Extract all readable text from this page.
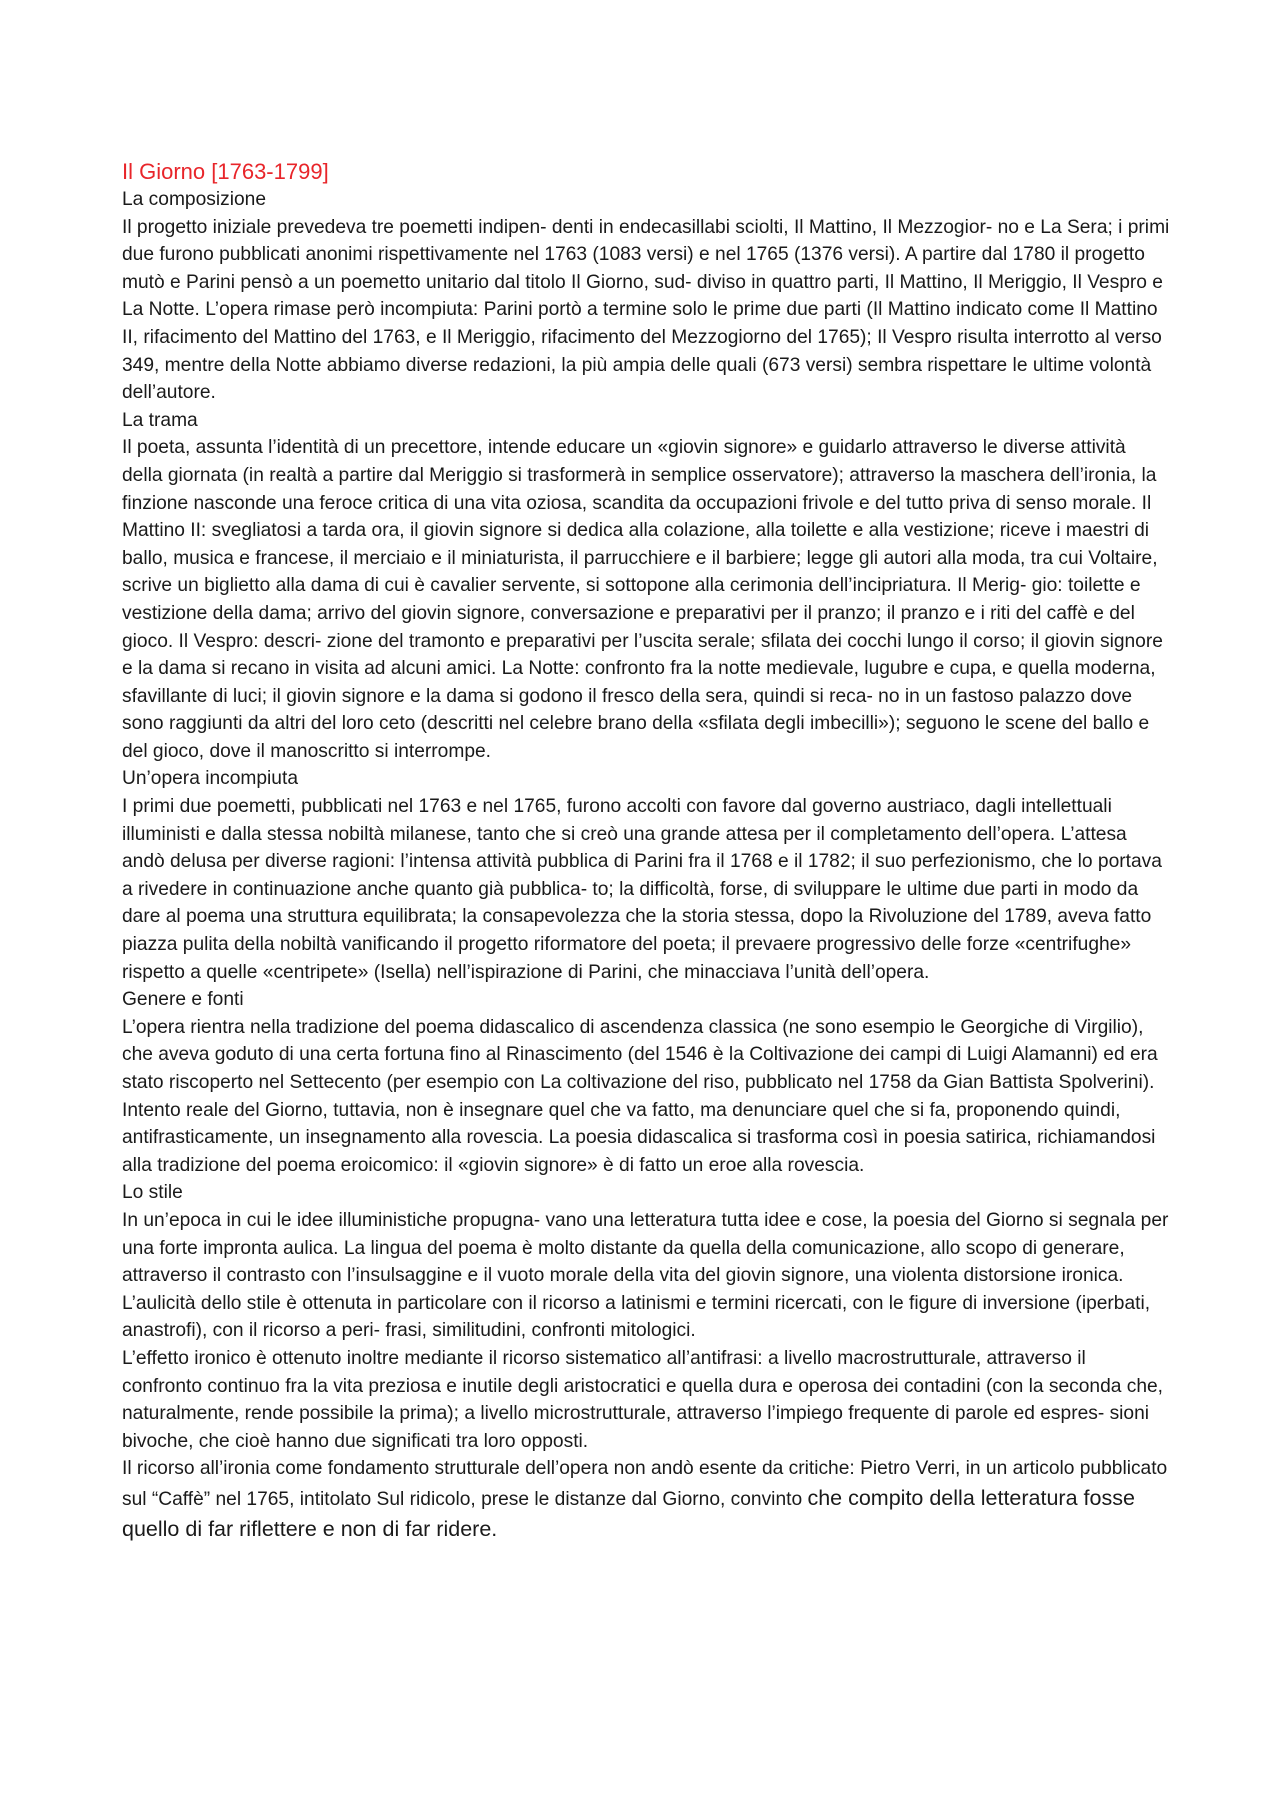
Il Giorno [1763-1799]
La composizione

Il progetto iniziale prevedeva tre poemetti indipen- denti in endecasillabi sciolti, Il Mattino, Il Mezzogior- no e La Sera; i primi due furono pubblicati anonimi rispettivamente nel 1763 (1083 versi) e nel 1765 (1376 versi). A partire dal 1780 il progetto mutò e Parini pensò a un poemetto unitario dal titolo Il Giorno, sud- diviso in quattro parti, Il Mattino, Il Meriggio, Il Vespro e La Notte. L’opera rimase però incompiuta: Parini portò a termine solo le prime due parti (Il Mattino indicato come Il Mattino II, rifacimento del Mattino del 1763, e Il Meriggio, rifacimento del Mezzogiorno del 1765); Il Vespro risulta interrotto al verso 349, mentre della Notte abbiamo diverse redazioni, la più ampia delle quali (673 versi) sembra rispettare le ultime volontà dell’autore.

La trama

Il poeta, assunta l’identità di un precettore, intende educare un «giovin signore» e guidarlo attraverso le diverse attività della giornata (in realtà a partire dal Meriggio si trasformerà in semplice osservatore); attraverso la maschera dell’ironia, la finzione nasconde una feroce critica di una vita oziosa, scandita da occupazioni frivole e del tutto priva di senso morale. Il Mattino II: svegliatosi a tarda ora, il giovin signore si dedica alla colazione, alla toilette e alla vestizione; riceve i maestri di ballo, musica e francese, il merciaio e il miniaturista, il parrucchiere e il barbiere; legge gli autori alla moda, tra cui Voltaire, scrive un biglietto alla dama di cui è cavalier servente, si sottopone alla cerimonia dell’incipriatura. Il Merig- gio: toilette e vestizione della dama; arrivo del giovin signore, conversazione e preparativi per il pranzo; il pranzo e i riti del caffè e del gioco. Il Vespro: descri- zione del tramonto e preparativi per l’uscita serale; sfilata dei cocchi lungo il corso; il giovin signore e la dama si recano in visita ad alcuni amici. La Notte: confronto fra la notte medievale, lugubre e cupa, e quella moderna, sfavillante di luci; il giovin signore e la dama si godono il fresco della sera, quindi si reca- no in un fastoso palazzo dove sono raggiunti da altri del loro ceto (descritti nel celebre brano della «sfilata degli imbecilli»); seguono le scene del ballo e del gioco, dove il manoscritto si interrompe.

Un’opera incompiuta

I primi due poemetti, pubblicati nel 1763 e nel 1765, furono accolti con favore dal governo austriaco, dagli intellettuali illuministi e dalla stessa nobiltà milanese, tanto che si creò una grande attesa per il completamento dell’opera. L’attesa andò delusa per diverse ragioni: l’intensa attività pubblica di Parini fra il 1768 e il 1782; il suo perfezionismo, che lo portava a rivedere in continuazione anche quanto già pubblica- to; la difficoltà, forse, di sviluppare le ultime due parti in modo da dare al poema una struttura equilibrata; la consapevolezza che la storia stessa, dopo la Rivoluzione del 1789, aveva fatto piazza pulita della nobiltà vanificando il progetto riformatore del poeta; il prevaere progressivo delle forze «centrifughe» rispetto a quelle «centripete» (Isella) nell’ispirazione di Parini, che minacciava l’unità dell’opera.

Genere e fonti

L’opera rientra nella tradizione del poema didascalico di ascendenza classica (ne sono esempio le Georgiche di Virgilio), che aveva goduto di una certa fortuna fino al Rinascimento (del 1546 è la Coltivazione dei campi di Luigi Alamanni) ed era stato riscoperto nel Settecento (per esempio con La coltivazione del riso, pubblicato nel 1758 da Gian Battista Spolverini). Intento reale del Giorno, tuttavia, non è insegnare quel che va fatto, ma denunciare quel che si fa, proponendo quindi, antifrasticamente, un insegnamento alla rovescia. La poesia didascalica si trasforma così in poesia satirica, richiamandosi alla tradizione del poema eroicomico: il «giovin signore» è di fatto un eroe alla rovescia.

Lo stile

In un’epoca in cui le idee illuministiche propugna- vano una letteratura tutta idee e cose, la poesia del Giorno si segnala per una forte impronta aulica. La lingua del poema è molto distante da quella della comunicazione, allo scopo di generare, attraverso il contrasto con l’insulsaggine e il vuoto morale della vita del giovin signore, una violenta distorsione ironica. L’aulicità dello stile è ottenuta in particolare con il ricorso a latinismi e termini ricercati, con le figure di inversione (iperbati, anastrofi), con il ricorso a peri- frasi, similitudini, confronti mitologici.

L’effetto ironico è ottenuto inoltre mediante il ricorso sistematico all’antifrasi: a livello macrostrutturale, attraverso il confronto continuo fra la vita preziosa e inutile degli aristocratici e quella dura e operosa dei contadini (con la seconda che, naturalmente, rende possibile la prima); a livello microstrutturale, attraverso l’impiego frequente di parole ed espres- sioni bivoche, che cioè hanno due significati tra loro opposti.

Il ricorso all’ironia come fondamento strutturale dell’opera non andò esente da critiche: Pietro Verri, in un articolo pubblicato sul “Caffè” nel 1765, intitolato Sul ridicolo, prese le distanze dal Giorno, convinto che compito della letteratura fosse quello di far riflettere e non di far ridere.
